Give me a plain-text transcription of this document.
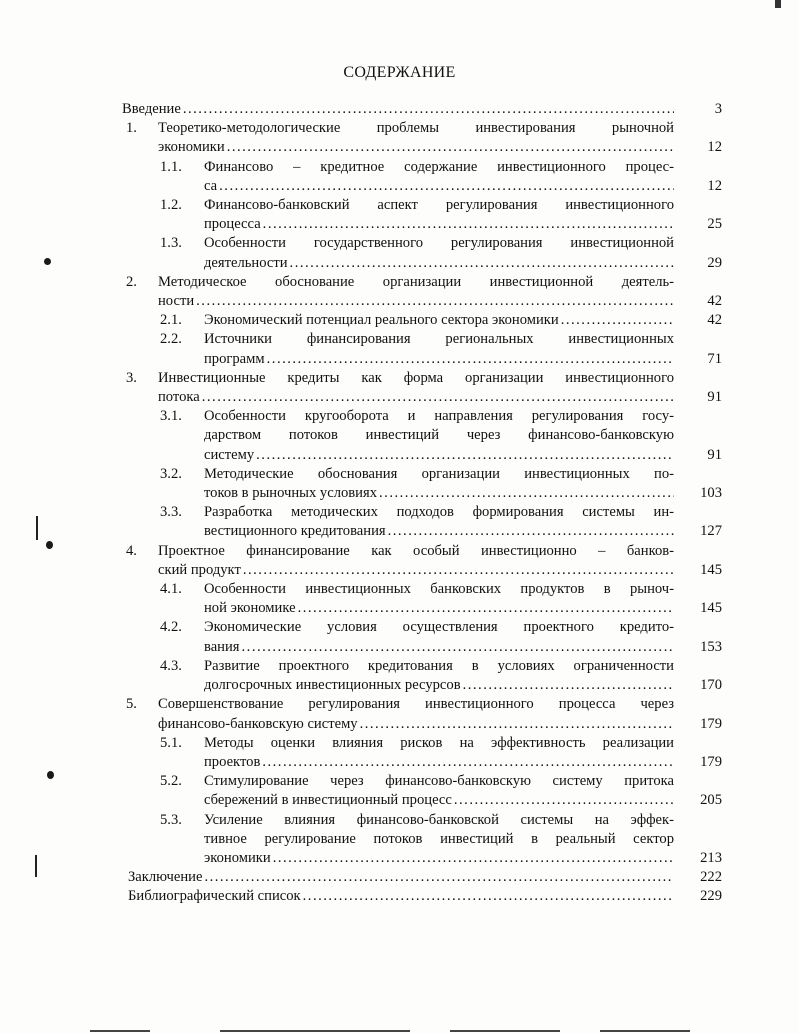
СОДЕРЖАНИЕ
Введение .....	3
1. Теоретико-методологические проблемы инвестирования рыночной
экономики .....	12
1.1. Финансово – кредитное содержание инвестиционного процес-
са .....	12
1.2. Финансово-банковский аспект регулирования инвестиционного
процесса .....	25
1.3. Особенности государственного регулирования инвестиционной
деятельности .....	29
2. Методическое обоснование организации инвестиционной деятель-
ности .....	42
2.1. Экономический потенциал реального сектора экономики .....	42
2.2. Источники финансирования региональных инвестиционных
программ .....	71
3. Инвестиционные кредиты как форма организации инвестиционного
потока .....	91
3.1. Особенности кругооборота и направления регулирования госу-
дарством потоков инвестиций через финансово-банковскую
систему .....	91
3.2. Методические обоснования организации инвестиционных по-
токов в рыночных условиях .....	103
3.3. Разработка методических подходов формирования системы ин-
вестиционного кредитования .....	127
4. Проектное финансирование как особый инвестиционно – банков-
ский продукт .....	145
4.1. Особенности инвестиционных банковских продуктов в рыноч-
ной экономике .....	145
4.2. Экономические условия осуществления проектного кредито-
вания .....	153
4.3. Развитие проектного кредитования в условиях ограниченности
долгосрочных инвестиционных ресурсов .....	170
5. Совершенствование регулирования инвестиционного процесса через
финансово-банковскую систему .....	179
5.1. Методы оценки влияния рисков на эффективность реализации
проектов .....	179
5.2. Стимулирование через финансово-банковскую систему притока
сбережений в инвестиционный процесс .....	205
5.3. Усиление влияния финансово-банковской системы на эффек-
тивное регулирование потоков инвестиций в реальный сектор
экономики .....	213
Заключение .....	222
Библиографический список .....	229
